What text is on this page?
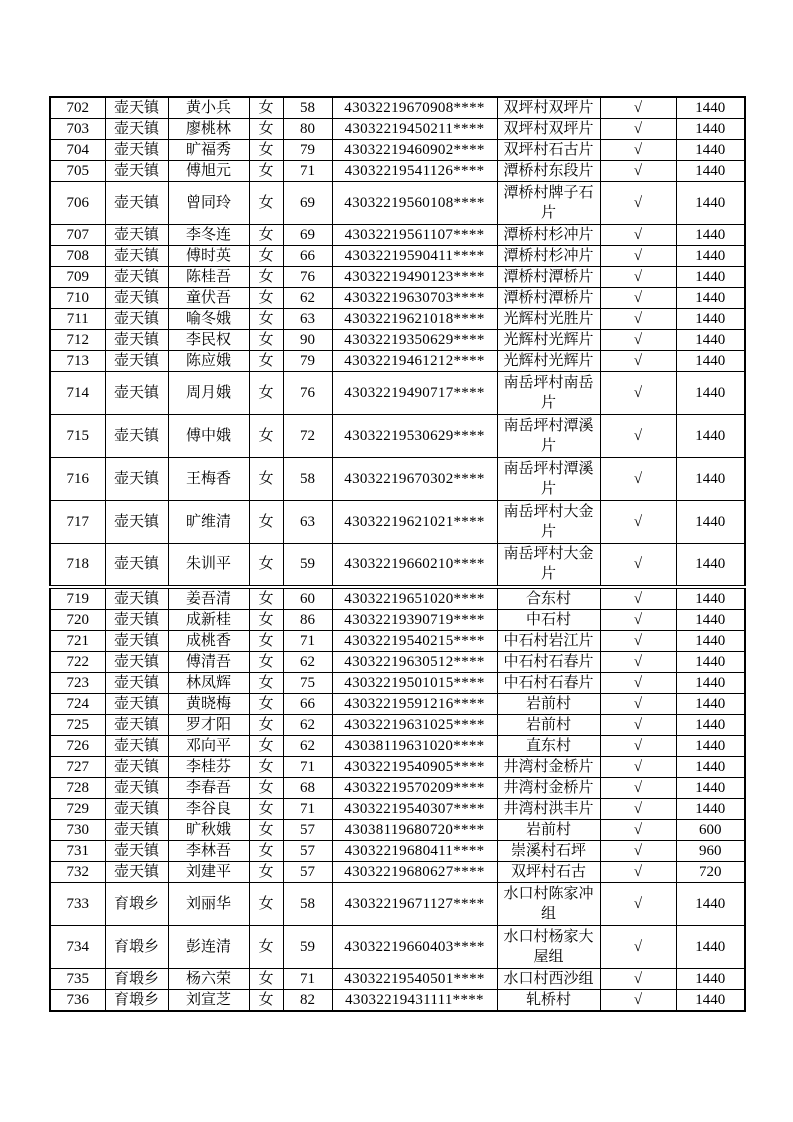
702	壶天镇	黄小兵	女	58	43032219670908****	双坪村双坪片	√	1440
703	壶天镇	廖桃林	女	80	43032219450211****	双坪村双坪片	√	1440
704	壶天镇	旷福秀	女	79	43032219460902****	双坪村石古片	√	1440
705	壶天镇	傅旭元	女	71	43032219541126****	潭桥村东段片	√	1440
706	壶天镇	曾同玲	女	69	43032219560108****	潭桥村牌子石片	√	1440
707	壶天镇	李冬连	女	69	43032219561107****	潭桥村杉冲片	√	1440
708	壶天镇	傅时英	女	66	43032219590411****	潭桥村杉冲片	√	1440
709	壶天镇	陈桂吾	女	76	43032219490123****	潭桥村潭桥片	√	1440
710	壶天镇	童伏吾	女	62	43032219630703****	潭桥村潭桥片	√	1440
711	壶天镇	喻冬娥	女	63	43032219621018****	光辉村光胜片	√	1440
712	壶天镇	李民权	女	90	43032219350629****	光辉村光辉片	√	1440
713	壶天镇	陈应娥	女	79	43032219461212****	光辉村光辉片	√	1440
714	壶天镇	周月娥	女	76	43032219490717****	南岳坪村南岳片	√	1440
715	壶天镇	傅中娥	女	72	43032219530629****	南岳坪村潭溪片	√	1440
716	壶天镇	王梅香	女	58	43032219670302****	南岳坪村潭溪片	√	1440
717	壶天镇	旷维清	女	63	43032219621021****	南岳坪村大金片	√	1440
718	壶天镇	朱训平	女	59	43032219660210****	南岳坪村大金片	√	1440
719	壶天镇	姜吾清	女	60	43032219651020****	合东村	√	1440
720	壶天镇	成新桂	女	86	43032219390719****	中石村	√	1440
721	壶天镇	成桃香	女	71	43032219540215****	中石村岩江片	√	1440
722	壶天镇	傅清吾	女	62	43032219630512****	中石村石春片	√	1440
723	壶天镇	林凤辉	女	75	43032219501015****	中石村石春片	√	1440
724	壶天镇	黄晓梅	女	66	43032219591216****	岩前村	√	1440
725	壶天镇	罗才阳	女	62	43032219631025****	岩前村	√	1440
726	壶天镇	邓向平	女	62	43038119631020****	直东村	√	1440
727	壶天镇	李桂芬	女	71	43032219540905****	井湾村金桥片	√	1440
728	壶天镇	李春吾	女	68	43032219570209****	井湾村金桥片	√	1440
729	壶天镇	李谷良	女	71	43032219540307****	井湾村洪丰片	√	1440
730	壶天镇	旷秋娥	女	57	43038119680720****	岩前村	√	600
731	壶天镇	李林吾	女	57	43032219680411****	崇溪村石坪	√	960
732	壶天镇	刘建平	女	57	43032219680627****	双坪村石古	√	720
733	育塅乡	刘丽华	女	58	43032219671127****	水口村陈家冲组	√	1440
734	育塅乡	彭连清	女	59	43032219660403****	水口村杨家大屋组	√	1440
735	育塅乡	杨六荣	女	71	43032219540501****	水口村西沙组	√	1440
736	育塅乡	刘宣芝	女	82	43032219431111****	轧桥村	√	1440
